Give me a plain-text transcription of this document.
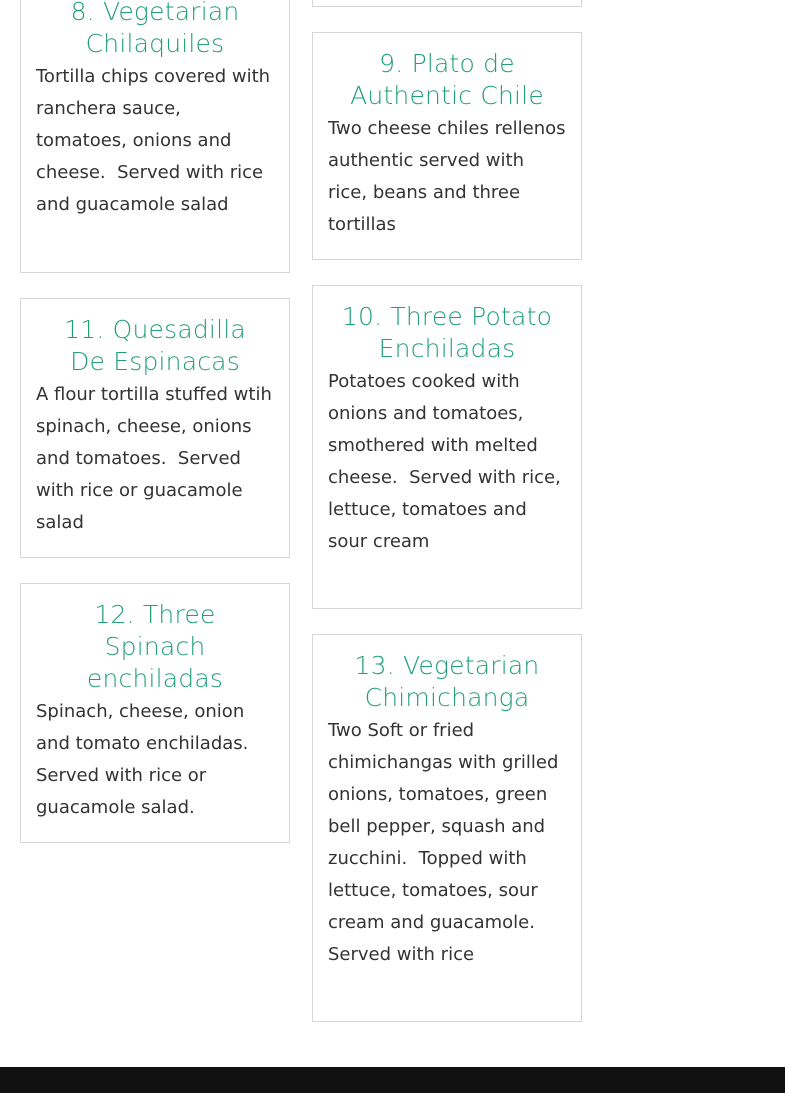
8. Vegetarian Chilaquiles

Tortilla chips covered with ranchera sauce, tomatoes, onions and cheese.  Served with rice and guacamole salad

9. Plato de Authentic Chile

Two cheese chiles rellenos authentic served with rice, beans and three tortillas

11. Quesadilla De Espinacas

A flour tortilla stuffed wtih spinach, cheese, onions and tomatoes.  Served with rice or guacamole salad

10. Three Potato Enchiladas

Potatoes cooked with onions and tomatoes, smothered with melted cheese.  Served with rice, lettuce, tomatoes and sour cream

12. Three Spinach enchiladas

Spinach, cheese, onion and tomato enchiladas.  Served with rice or guacamole salad.

13. Vegetarian Chimichanga

Two Soft or fried chimichangas with grilled onions, tomatoes, green bell pepper, squash and zucchini.  Topped with lettuce, tomatoes, sour cream and guacamole.  Served with rice
